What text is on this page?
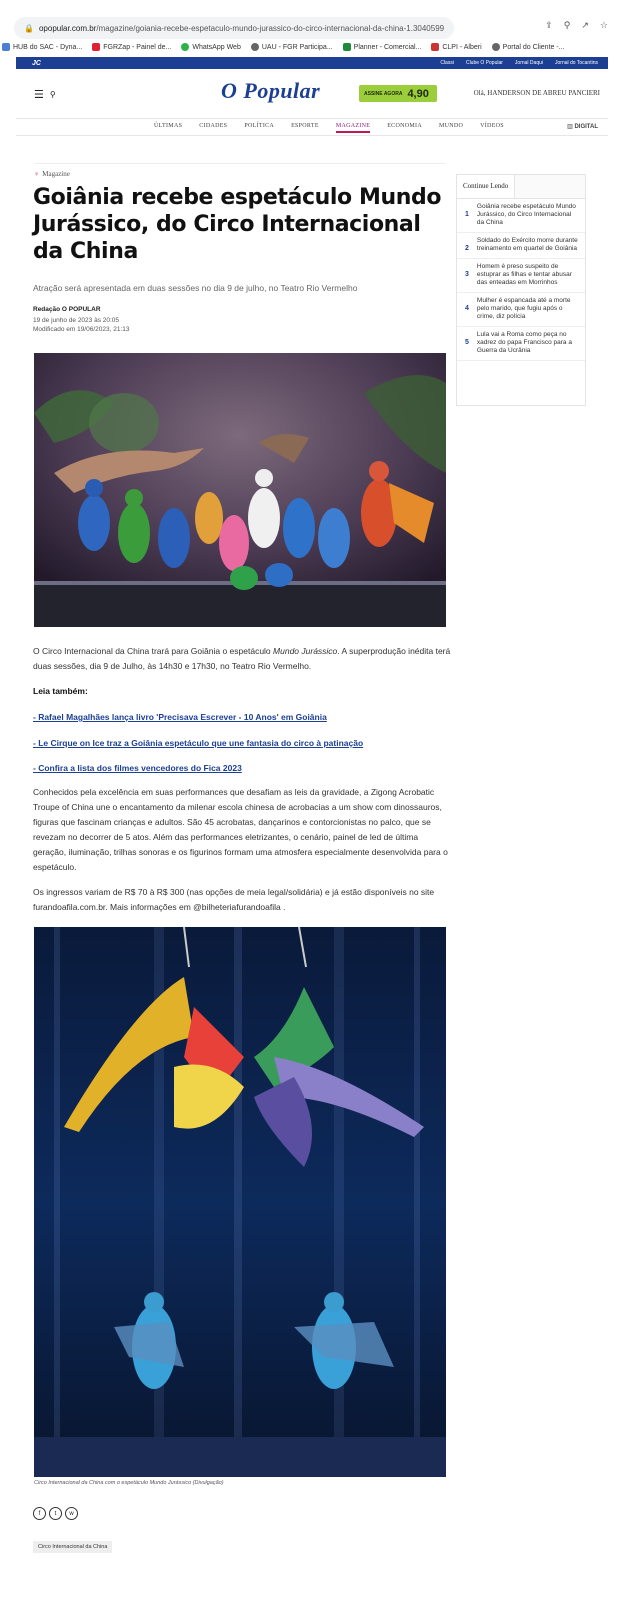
🔒 opopular.com.br /magazine/goiania-recebe-espetaculo-mundo-jurassico-do-circo-internacional-da-china-1.3040599	⇪ ⚲ ↗ ☆
HUB do SAC - Dyna...	FGRZap - Painel de...	WhatsApp Web	UAU - FGR Participa...	Planner - Comercial...	CLPI - Alberi	Portal do Cliente -...
JC	Classi Clube O Popular Jornal Daqui Jornal do Tocantins
☰ ⚲	O Popular	ASSINE AGORA 4,90	Olá, HANDERSON DE ABREU PANCIERI
ÚLTIMAS	CIDADES	POLÍTICA	ESPORTE	MAGAZINE	ECONOMIA	MUNDO	VÍDEOS	▥ DIGITAL
♀ Magazine
Goiânia recebe espetáculo Mundo Jurássico, do Circo Internacional da China
Atração será apresentada em duas sessões no dia 9 de julho, no Teatro Rio Vermelho
Redação O POPULAR
19 de junho de 2023 às 20:05
Modificado em 19/06/2023, 21:13
O Circo Internacional da China trará para Goiânia o espetáculo Mundo Jurássico. A superprodução inédita terá duas sessões, dia 9 de Julho, às 14h30 e 17h30, no Teatro Rio Vermelho.
Leia também:
- Rafael Magalhães lança livro 'Precisava Escrever - 10 Anos' em Goiânia
- Le Cirque on Ice traz a Goiânia espetáculo que une fantasia do circo à patinação
- Confira a lista dos filmes vencedores do Fica 2023
Conhecidos pela excelência em suas performances que desafiam as leis da gravidade, a Zigong Acrobatic Troupe of China une o encantamento da milenar escola chinesa de acrobacias a um show com dinossauros, figuras que fascinam crianças e adultos. São 45 acrobatas, dançarinos e contorcionistas no palco, que se revezam no decorrer de 5 atos. Além das performances eletrizantes, o cenário, painel de led de última geração, iluminação, trilhas sonoras e os figurinos formam uma atmosfera especialmente desenvolvida para o espetáculo.
Os ingressos variam de R$ 70 à R$ 300 (nas opções de meia legal/solidária) e já estão disponíveis no site furandoafila.com.br. Mais informações em @bilheteriafurandoafila .
Circo Internacional da China com o espetáculo Mundo Jurássico (Divulgação)
f	t	w
Circo Internacional da China
Continue Lendo
1
Goiânia recebe espetáculo Mundo Jurássico, do Circo Internacional da China
2
Soldado do Exército morre durante treinamento em quartel de Goiânia
3
Homem é preso suspeito de estuprar as filhas e tentar abusar das enteadas em Morrinhos
4
Mulher é espancada até a morte pelo marido, que fugiu após o crime, diz polícia
5
Lula vai a Roma como peça no xadrez do papa Francisco para a Guerra da Ucrânia
